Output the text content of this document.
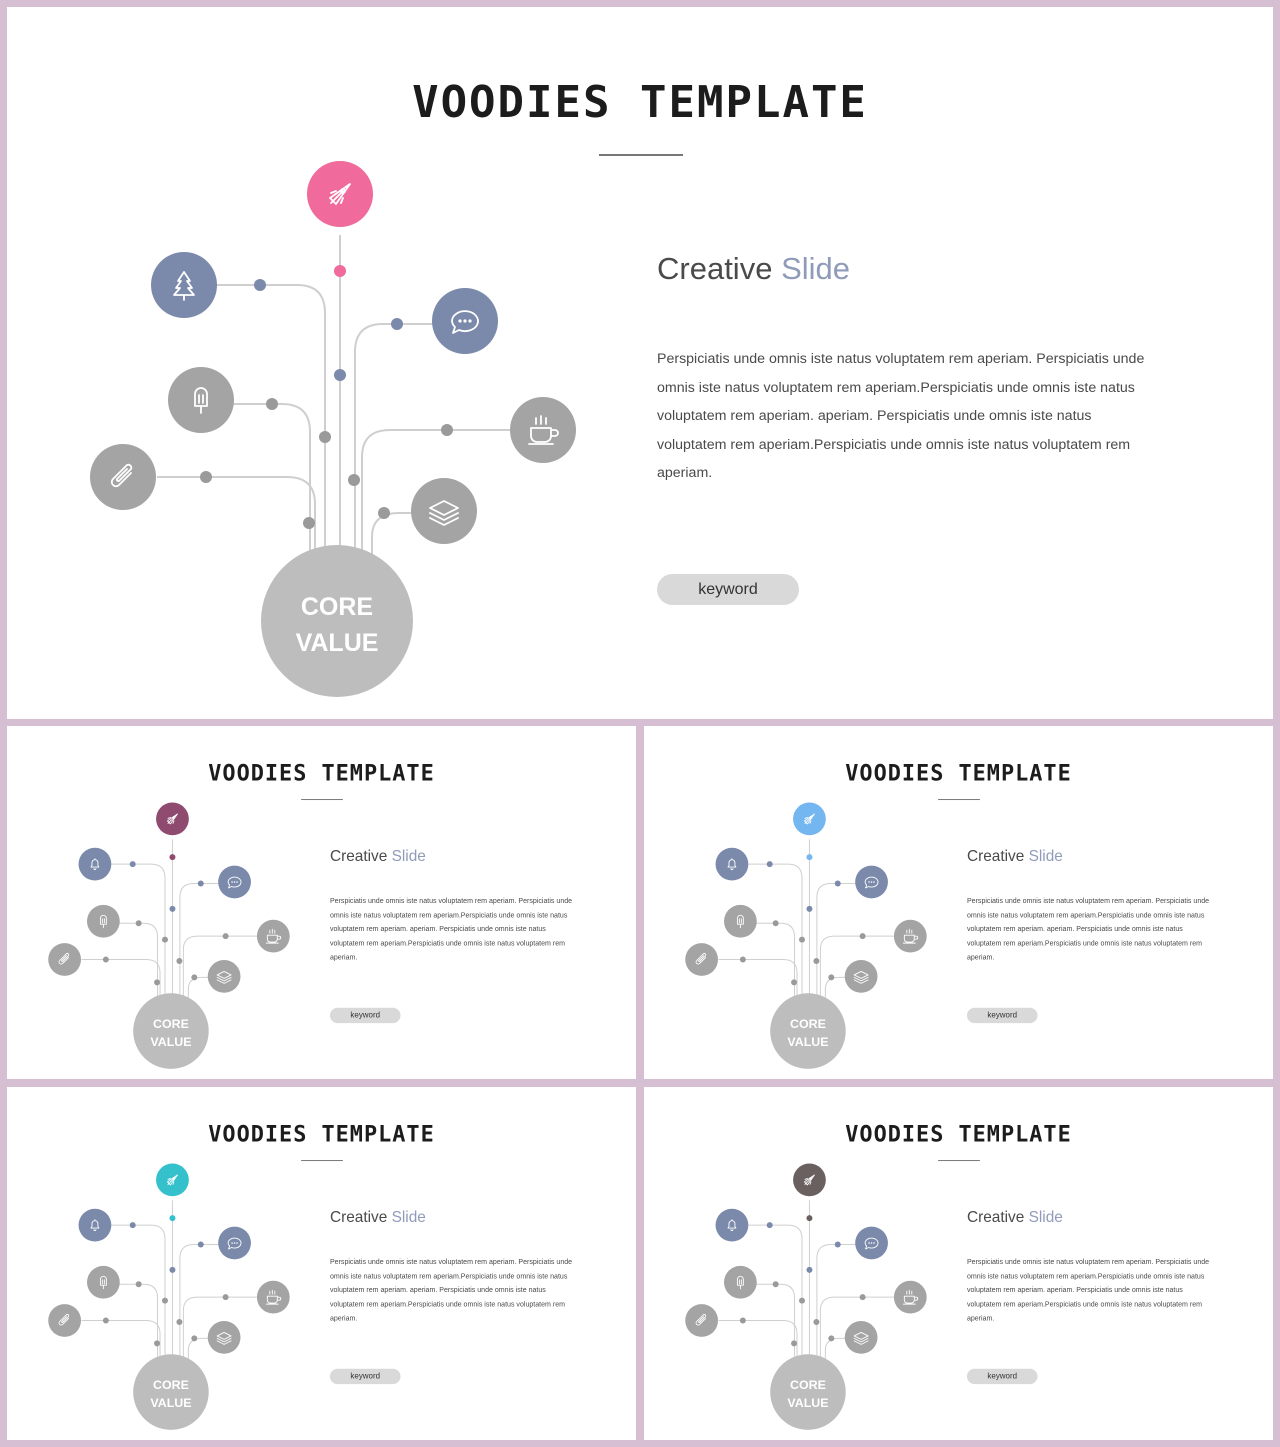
VOODIES TEMPLATE
Creative Slide

Perspiciatis unde omnis iste natus voluptatem rem aperiam. Perspiciatis unde omnis iste natus voluptatem rem aperiam.Perspiciatis unde omnis iste natus voluptatem rem aperiam. aperiam. Perspiciatis unde omnis iste natus voluptatem rem aperiam.Perspiciatis unde omnis iste natus voluptatem rem aperiam.

keyword
CORE
VALUE
VOODIES TEMPLATE
Creative Slide

Perspiciatis unde omnis iste natus voluptatem rem aperiam. Perspiciatis unde omnis iste natus voluptatem rem aperiam.Perspiciatis unde omnis iste natus voluptatem rem aperiam. aperiam. Perspiciatis unde omnis iste natus voluptatem rem aperiam.Perspiciatis unde omnis iste natus voluptatem rem aperiam.

keyword
CORE
VALUE
VOODIES TEMPLATE
Creative Slide

Perspiciatis unde omnis iste natus voluptatem rem aperiam. Perspiciatis unde omnis iste natus voluptatem rem aperiam.Perspiciatis unde omnis iste natus voluptatem rem aperiam. aperiam. Perspiciatis unde omnis iste natus voluptatem rem aperiam.Perspiciatis unde omnis iste natus voluptatem rem aperiam.

keyword
CORE
VALUE
VOODIES TEMPLATE
Creative Slide

Perspiciatis unde omnis iste natus voluptatem rem aperiam. Perspiciatis unde omnis iste natus voluptatem rem aperiam.Perspiciatis unde omnis iste natus voluptatem rem aperiam. aperiam. Perspiciatis unde omnis iste natus voluptatem rem aperiam.Perspiciatis unde omnis iste natus voluptatem rem aperiam.

keyword
CORE
VALUE
VOODIES TEMPLATE
Creative Slide

Perspiciatis unde omnis iste natus voluptatem rem aperiam. Perspiciatis unde omnis iste natus voluptatem rem aperiam.Perspiciatis unde omnis iste natus voluptatem rem aperiam. aperiam. Perspiciatis unde omnis iste natus voluptatem rem aperiam.Perspiciatis unde omnis iste natus voluptatem rem aperiam.

keyword
CORE
VALUE
